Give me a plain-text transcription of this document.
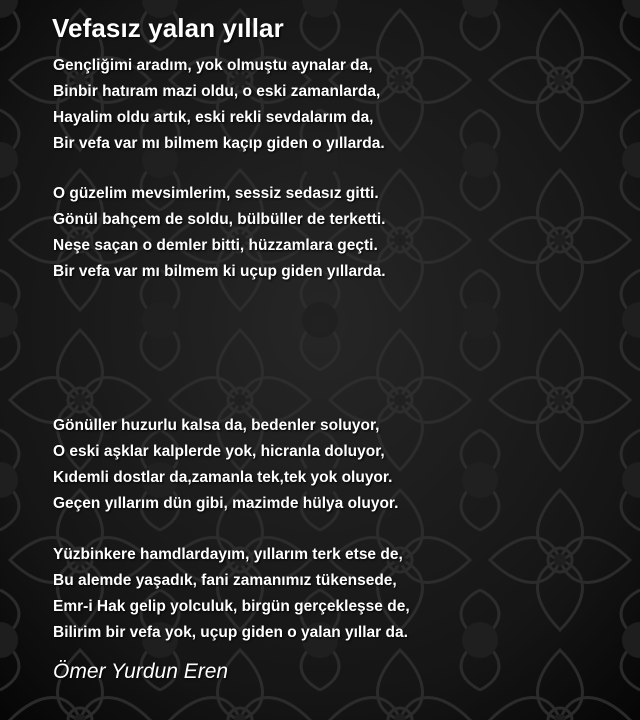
Vefasız yalan yıllar
Gençliğimi aradım, yok olmuştu aynalar da,
Binbir hatıram mazi oldu, o eski zamanlarda,
Hayalim oldu artık, eski rekli sevdalarım da,
Bir vefa var mı bilmem kaçıp giden o yıllarda.
O güzelim mevsimlerim, sessiz sedasız gitti.
Gönül bahçem de soldu, bülbüller de terketti.
Neşe saçan o demler bitti, hüzzamlara geçti.
Bir vefa var mı bilmem ki uçup giden yıllarda.
Gönüller huzurlu kalsa da, bedenler soluyor,
O eski aşklar kalplerde yok, hicranla doluyor,
Kıdemli dostlar da,zamanla tek,tek yok oluyor.
Geçen yıllarım dün gibi, mazimde hülya oluyor.
Yüzbinkere hamdlardayım, yıllarım terk etse de,
Bu alemde yaşadık, fani zamanımız tükensede,
Emr-i Hak gelip yolculuk, birgün gerçekleşse de,
Bilirim bir vefa yok, uçup giden o yalan yıllar da.

Ömer Yurdun Eren
